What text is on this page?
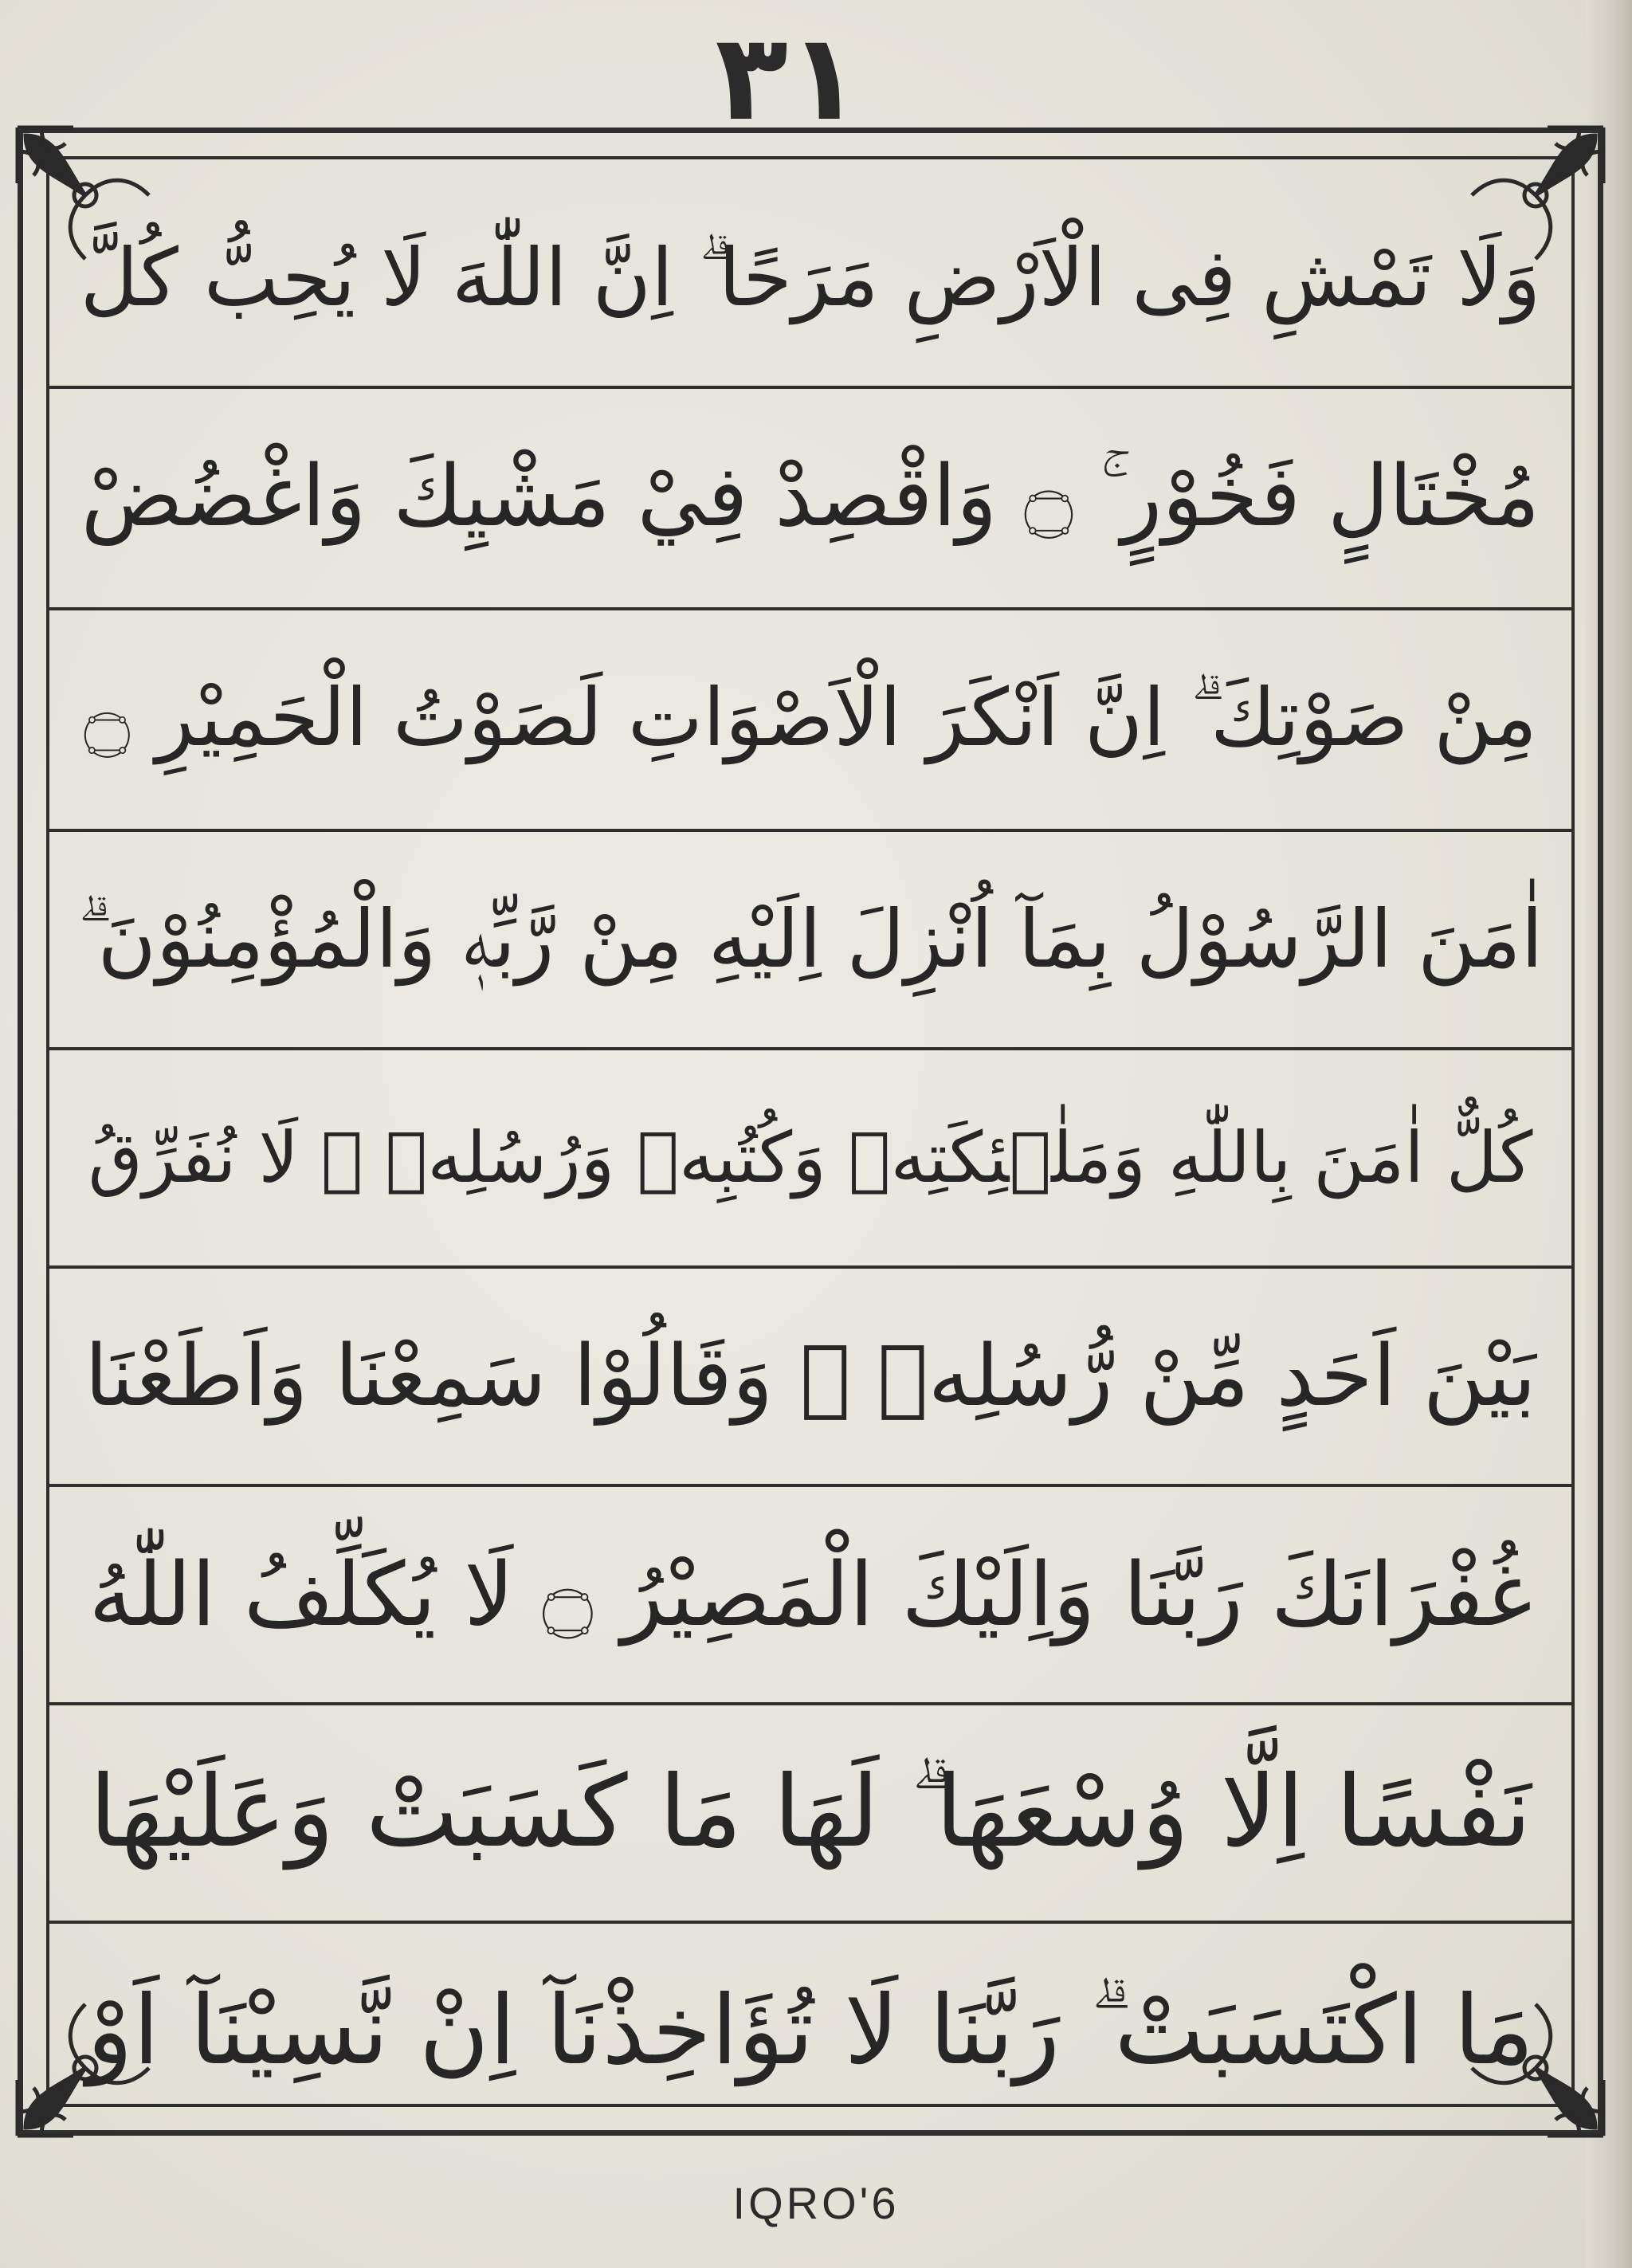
٣١
وَلَا تَمْشِ فِى الْاَرْضِ مَرَحًا ۗ اِنَّ اللّٰهَ لَا يُحِبُّ كُلَّ
مُخْتَالٍ فَخُوْرٍ ۚ ۝ وَاقْصِدْ فِيْ مَشْيِكَ وَاغْضُضْ
مِنْ صَوْتِكَ ۗ اِنَّ اَنْكَرَ الْاَصْوَاتِ لَصَوْتُ الْحَمِيْرِ ۝
اٰمَنَ الرَّسُوْلُ بِمَآ اُنْزِلَ اِلَيْهِ مِنْ رَّبِّهٖ وَالْمُؤْمِنُوْنَ ۗ
كُلٌّ اٰمَنَ بِاللّٰهِ وَمَلٰۤئِكَتِهٖ وَكُتُبِهٖ وَرُسُلِهٖ ۗ لَا نُفَرِّقُ
بَيْنَ اَحَدٍ مِّنْ رُّسُلِهٖ ۗ وَقَالُوْا سَمِعْنَا وَاَطَعْنَا
غُفْرَانَكَ رَبَّنَا وَاِلَيْكَ الْمَصِيْرُ ۝ لَا يُكَلِّفُ اللّٰهُ
نَفْسًا اِلَّا وُسْعَهَا ۗ لَهَا مَا كَسَبَتْ وَعَلَيْهَا
مَا اكْتَسَبَتْ ۗ رَبَّنَا لَا تُؤَاخِذْنَآ اِنْ نَّسِيْنَآ اَوْ
IQRO'6
